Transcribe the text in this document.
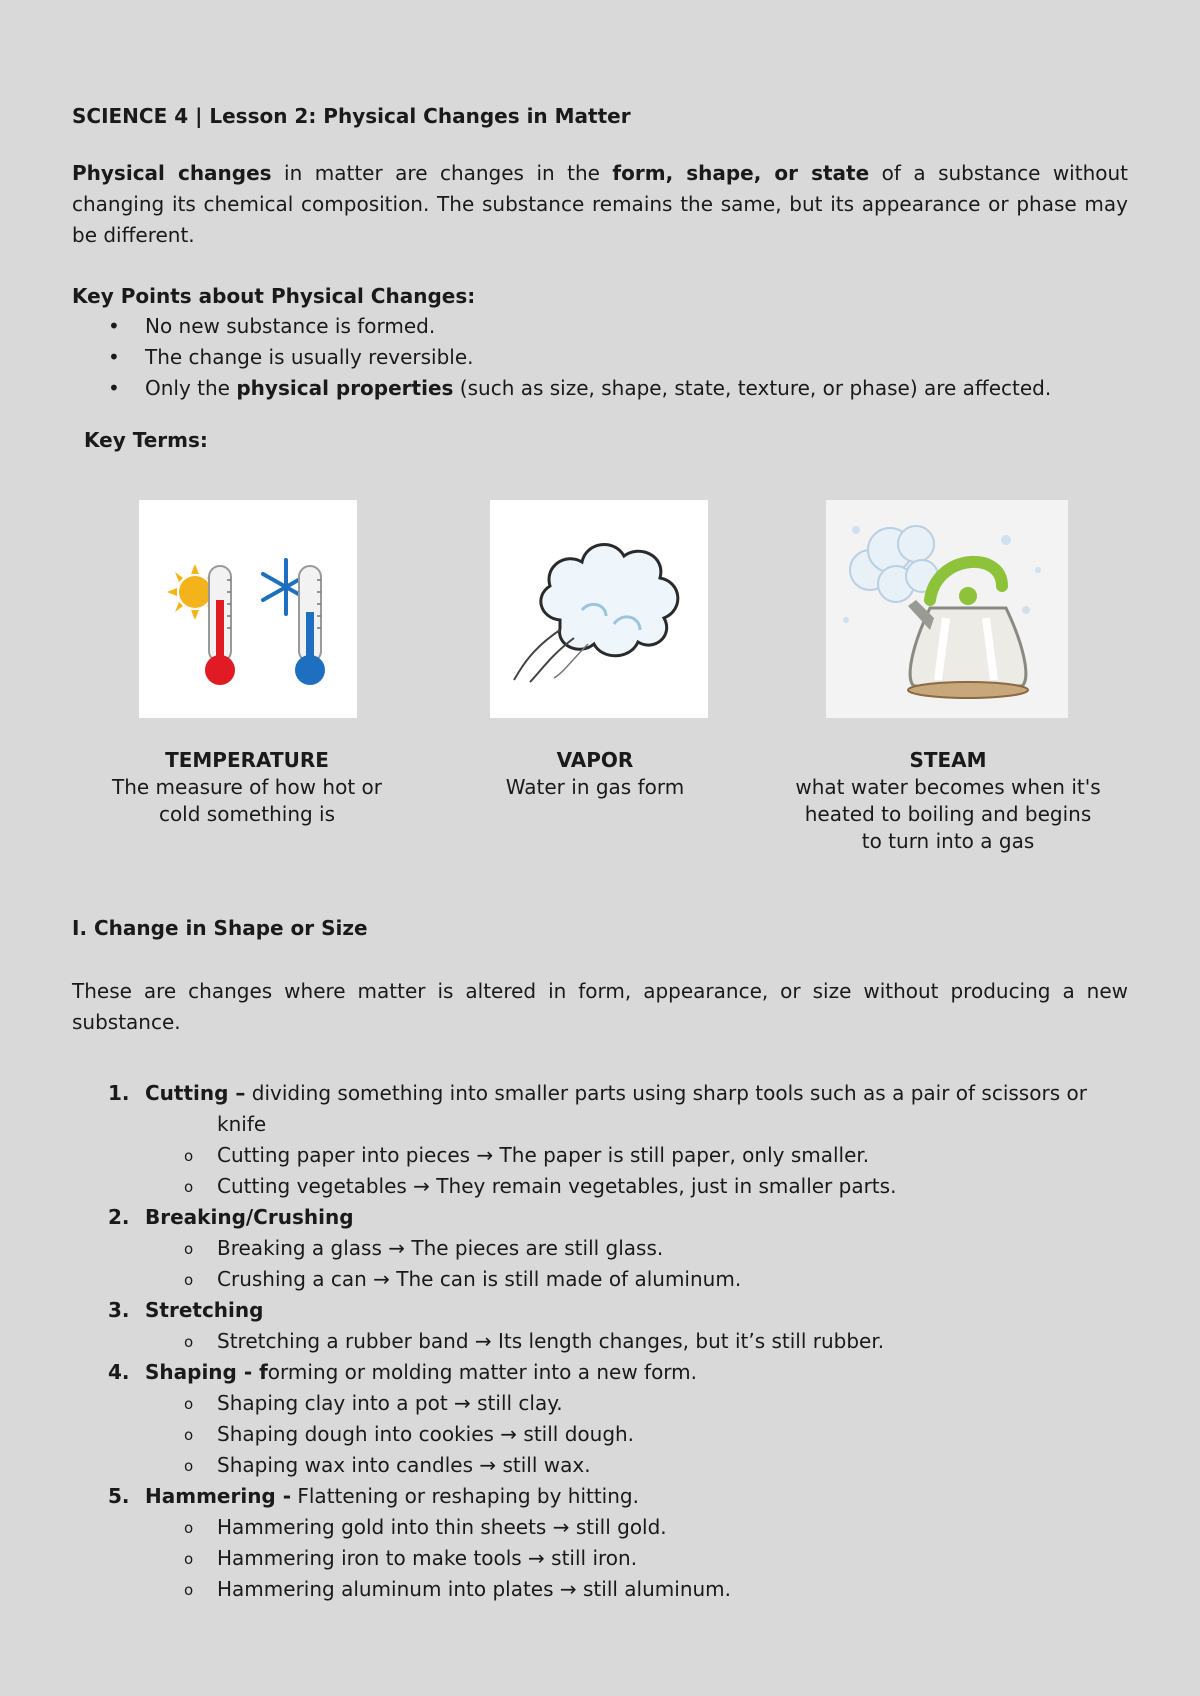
SCIENCE 4 | Lesson 2: Physical Changes in Matter

Physical changes in matter are changes in the form, shape, or state of a substance without changing its chemical composition. The substance remains the same, but its appearance or phase may be different.

Key Points about Physical Changes:
• No new substance is formed.
• The change is usually reversible.
• Only the physical properties (such as size, shape, state, texture, or phase) are affected.
Key Terms:
TEMPERATURE
The measure of how hot or
cold something is
VAPOR
Water in gas form
STEAM
what water becomes when it's
heated to boiling and begins
to turn into a gas
I. Change in Shape or Size

These are changes where matter is altered in form, appearance, or size without producing a new substance.

1. Cutting – dividing something into smaller parts using sharp tools such as a pair of scissors or
knife
o Cutting paper into pieces → The paper is still paper, only smaller.
o Cutting vegetables → They remain vegetables, just in smaller parts.
2. Breaking/Crushing
o Breaking a glass → The pieces are still glass.
o Crushing a can → The can is still made of aluminum.
3. Stretching
o Stretching a rubber band → Its length changes, but it’s still rubber.
4. Shaping - forming or molding matter into a new form.
o Shaping clay into a pot → still clay.
o Shaping dough into cookies → still dough.
o Shaping wax into candles → still wax.
5. Hammering - Flattening or reshaping by hitting.
o Hammering gold into thin sheets → still gold.
o Hammering iron to make tools → still iron.
o Hammering aluminum into plates → still aluminum.
